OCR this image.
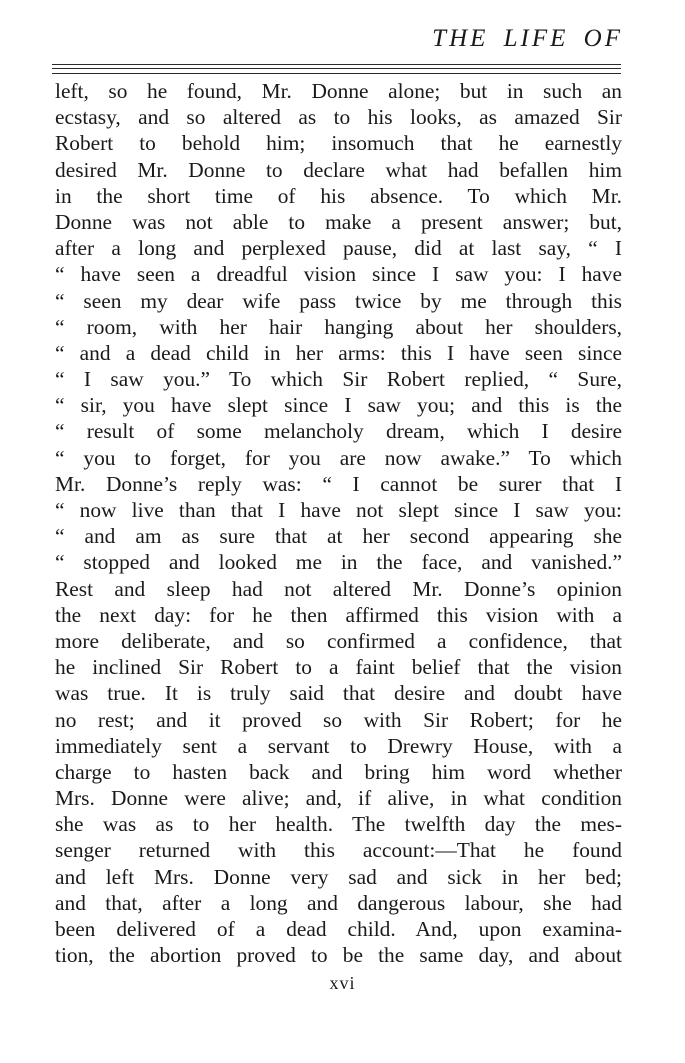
THE LIFE OF
left, so he found, Mr. Donne alone; but in such an
ecstasy, and so altered as to his looks, as amazed Sir
Robert to behold him; insomuch that he earnestly
desired Mr. Donne to declare what had befallen him
in the short time of his absence. To which Mr.
Donne was not able to make a present answer; but,
after a long and perplexed pause, did at last say, “ I
“ have seen a dreadful vision since I saw you: I have
“ seen my dear wife pass twice by me through this
“ room, with her hair hanging about her shoulders,
“ and a dead child in her arms: this I have seen since
“ I saw you.” To which Sir Robert replied, “ Sure,
“ sir, you have slept since I saw you; and this is the
“ result of some melancholy dream, which I desire
“ you to forget, for you are now awake.” To which
Mr. Donne’s reply was: “ I cannot be surer that I
“ now live than that I have not slept since I saw you:
“ and am as sure that at her second appearing she
“ stopped and looked me in the face, and vanished.”
Rest and sleep had not altered Mr. Donne’s opinion
the next day: for he then affirmed this vision with a
more deliberate, and so confirmed a confidence, that
he inclined Sir Robert to a faint belief that the vision
was true. It is truly said that desire and doubt have
no rest; and it proved so with Sir Robert; for he
immediately sent a servant to Drewry House, with a
charge to hasten back and bring him word whether
Mrs. Donne were alive; and, if alive, in what condition
she was as to her health. The twelfth day the mes-
senger returned with this account:—That he found
and left Mrs. Donne very sad and sick in her bed;
and that, after a long and dangerous labour, she had
been delivered of a dead child. And, upon examina-
tion, the abortion proved to be the same day, and about
xvi
